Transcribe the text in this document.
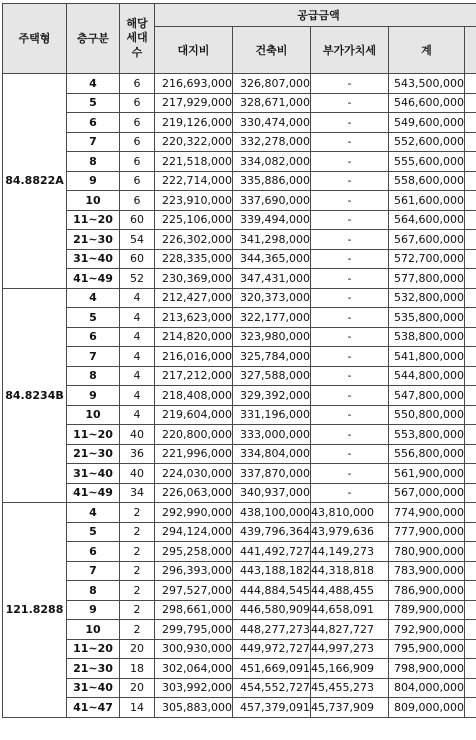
주택형	층구분	해당 세대 수	공급금액				
			대지비	건축비	부가가치세	계	
84.8822A	4	6	216,693,000	326,807,000	-	543,500,000	
	5	6	217,929,000	328,671,000	-	546,600,000	
	6	6	219,126,000	330,474,000	-	549,600,000	
	7	6	220,322,000	332,278,000	-	552,600,000	
	8	6	221,518,000	334,082,000	-	555,600,000	
	9	6	222,714,000	335,886,000	-	558,600,000	
	10	6	223,910,000	337,690,000	-	561,600,000	
	11~20	60	225,106,000	339,494,000	-	564,600,000	
	21~30	54	226,302,000	341,298,000	-	567,600,000	
	31~40	60	228,335,000	344,365,000	-	572,700,000	
	41~49	52	230,369,000	347,431,000	-	577,800,000	
84.8234B	4	4	212,427,000	320,373,000	-	532,800,000	
	5	4	213,623,000	322,177,000	-	535,800,000	
	6	4	214,820,000	323,980,000	-	538,800,000	
	7	4	216,016,000	325,784,000	-	541,800,000	
	8	4	217,212,000	327,588,000	-	544,800,000	
	9	4	218,408,000	329,392,000	-	547,800,000	
	10	4	219,604,000	331,196,000	-	550,800,000	
	11~20	40	220,800,000	333,000,000	-	553,800,000	
	21~30	36	221,996,000	334,804,000	-	556,800,000	
	31~40	40	224,030,000	337,870,000	-	561,900,000	
	41~49	34	226,063,000	340,937,000	-	567,000,000	
121.8288	4	2	292,990,000	438,100,000	43,810,000	774,900,000	
	5	2	294,124,000	439,796,364	43,979,636	777,900,000	
	6	2	295,258,000	441,492,727	44,149,273	780,900,000	
	7	2	296,393,000	443,188,182	44,318,818	783,900,000	
	8	2	297,527,000	444,884,545	44,488,455	786,900,000	
	9	2	298,661,000	446,580,909	44,658,091	789,900,000	
	10	2	299,795,000	448,277,273	44,827,727	792,900,000	
	11~20	20	300,930,000	449,972,727	44,997,273	795,900,000	
	21~30	18	302,064,000	451,669,091	45,166,909	798,900,000	
	31~40	20	303,992,000	454,552,727	45,455,273	804,000,000	
	41~47	14	305,883,000	457,379,091	45,737,909	809,000,000	
